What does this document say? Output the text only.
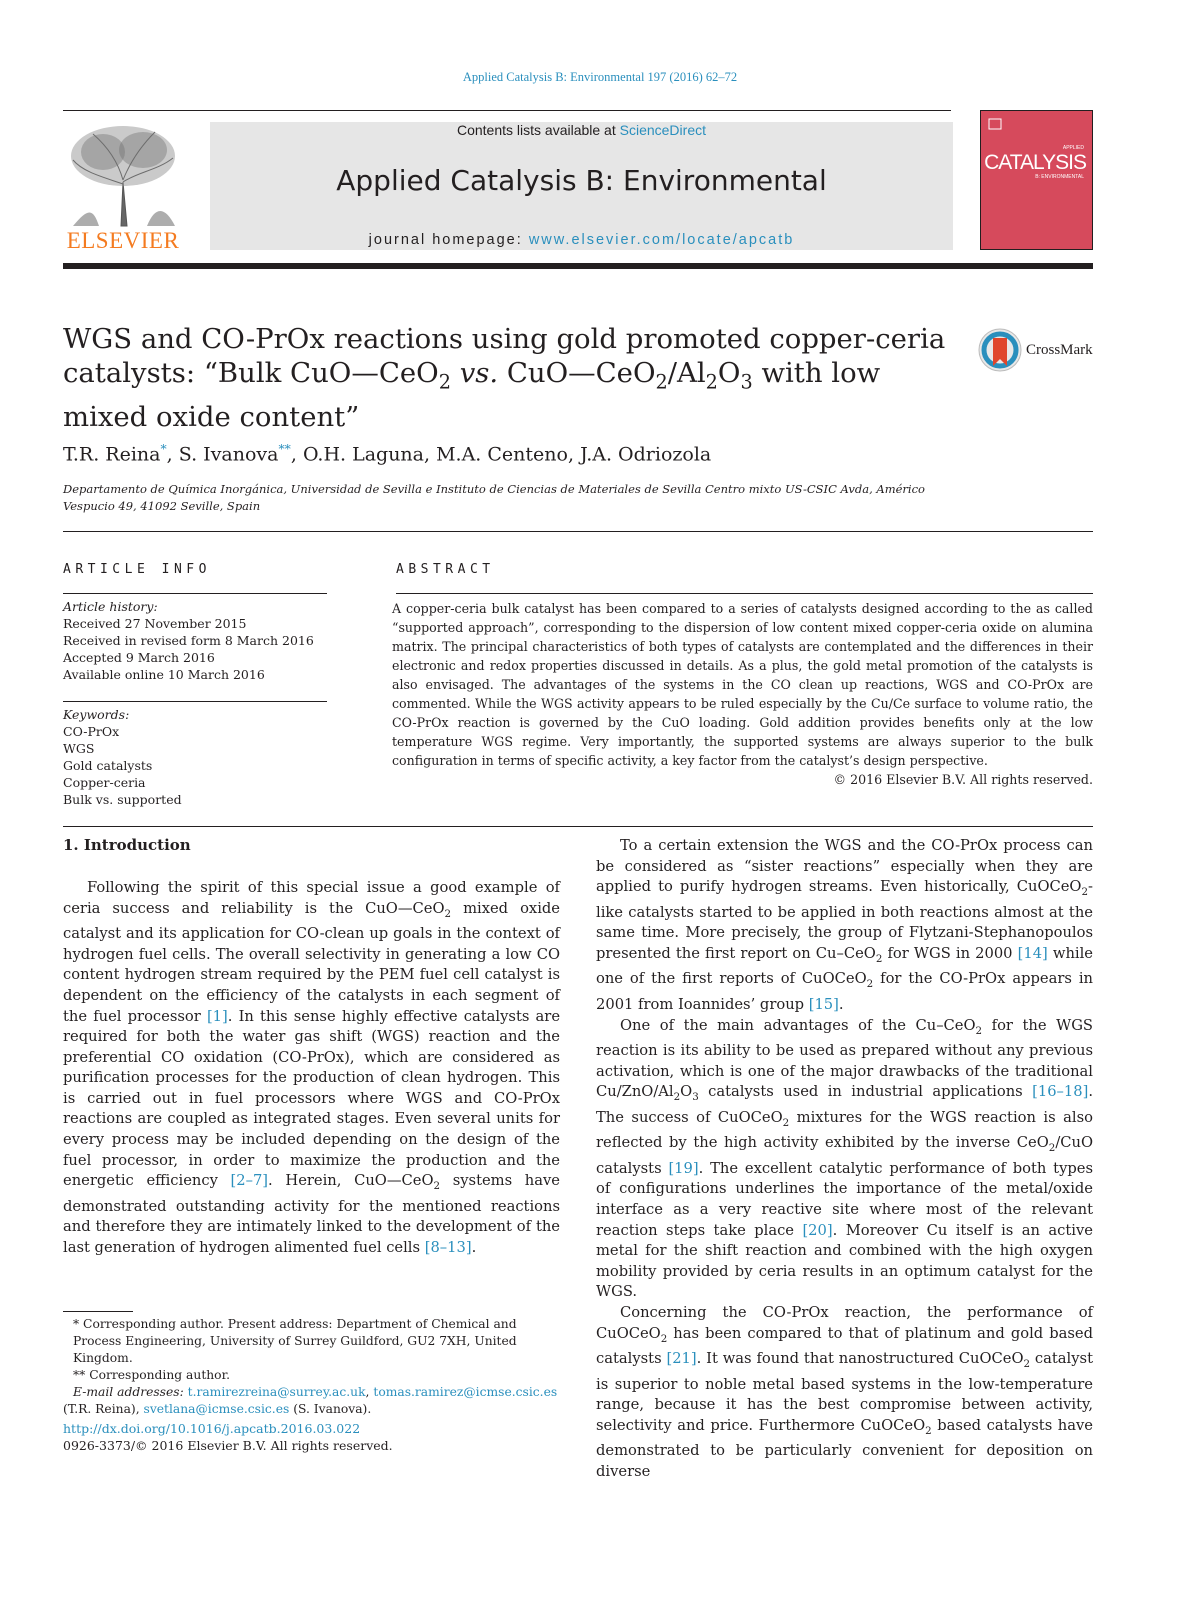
Applied Catalysis B: Environmental 197 (2016) 62–72
ELSEVIER
Contents lists available at ScienceDirect
Applied Catalysis B: Environmental
journal homepage: www.elsevier.com/locate/apcatb
APPLIED
CATALYSIS
B: ENVIRONMENTAL
WGS and CO-PrOx reactions using gold promoted copper-ceria catalysts: “Bulk CuO—CeO$_2$ vs. $CuO—CeO_2/Al_2O_3$ with low mixed oxide content”
CrossMark
T.R. Reina*, S. Ivanova**, O.H. Laguna, M.A. Centeno, J.A. Odriozola
Departamento de Química Inorgánica, Universidad de Sevilla e Instituto de Ciencias de Materiales de Sevilla Centro mixto US-CSIC Avda, Américo Vespucio 49, 41092 Seville, Spain
ARTICLE INFO
Article history:
Received 27 November 2015
Received in revised form 8 March 2016
Accepted 9 March 2016
Available online 10 March 2016
Keywords:
CO-PrOx
WGS
Gold catalysts
Copper-ceria
Bulk vs. supported
ABSTRACT
A copper-ceria bulk catalyst has been compared to a series of catalysts designed according to the as called “supported approach”, corresponding to the dispersion of low content mixed copper-ceria oxide on alumina matrix. The principal characteristics of both types of catalysts are contemplated and the differences in their electronic and redox properties discussed in details. As a plus, the gold metal promotion of the catalysts is also envisaged. The advantages of the systems in the CO clean up reactions, WGS and CO-PrOx are commented. While the WGS activity appears to be ruled especially by the Cu/Ce surface to volume ratio, the CO-PrOx reaction is governed by the CuO loading. Gold addition provides benefits only at the low temperature WGS regime. Very importantly, the supported systems are always superior to the bulk configuration in terms of specific activity, a key factor from the catalyst’s design perspective.
© 2016 Elsevier B.V. All rights reserved.
1. Introduction

Following the spirit of this special issue a good example of ceria success and reliability is the CuO—CeO$_2$ mixed oxide catalyst and its application for CO-clean up goals in the context of hydrogen fuel cells. The overall selectivity in generating a low CO content hydrogen stream required by the PEM fuel cell catalyst is dependent on the efficiency of the catalysts in each segment of the fuel processor [1]. In this sense highly effective catalysts are required for both the water gas shift (WGS) reaction and the preferential CO oxidation (CO-PrOx), which are considered as purification processes for the production of clean hydrogen. This is carried out in fuel processors where WGS and CO-PrOx reactions are coupled as integrated stages. Even several units for every process may be included depending on the design of the fuel processor, in order to maximize the production and the energetic efficiency [2–7]. Herein, CuO—CeO$_2$ systems have demonstrated outstanding activity for the mentioned reactions and therefore they are intimately linked to the development of the last generation of hydrogen alimented fuel cells [8–13].

To a certain extension the WGS and the CO-PrOx process can be considered as “sister reactions” especially when they are applied to purify hydrogen streams. Even historically, CuOCeO$_2$-like catalysts started to be applied in both reactions almost at the same time. More precisely, the group of Flytzani-Stephanopoulos presented the first report on Cu–CeO$_2$ for WGS in 2000 [14] while one of the first reports of CuOCeO$_2$ for the CO-PrOx appears in 2001 from Ioannides’ group [15].

One of the main advantages of the Cu–CeO$_2$ for the WGS reaction is its ability to be used as prepared without any previous activation, which is one of the major drawbacks of the traditional $Cu/ZnO/Al_2O_3$ catalysts used in industrial applications [16–18]. The success of CuOCeO$_2$ mixtures for the WGS reaction is also reflected by the high activity exhibited by the inverse CeO$_2$/CuO catalysts [19]. The excellent catalytic performance of both types of configurations underlines the importance of the metal/oxide interface as a very reactive site where most of the relevant reaction steps take place [20]. Moreover Cu itself is an active metal for the shift reaction and combined with the high oxygen mobility provided by ceria results in an optimum catalyst for the WGS.

Concerning the CO-PrOx reaction, the performance of CuOCeO$_2$ has been compared to that of platinum and gold based catalysts [21]. It was found that nanostructured CuOCeO$_2$ catalyst is superior to noble metal based systems in the low-temperature range, because it has the best compromise between activity, selectivity and price. Furthermore CuOCeO$_2$ based catalysts have demonstrated to be particularly convenient for deposition on diverse

* Corresponding author. Present address: Department of Chemical and Process Engineering, University of Surrey Guildford, GU2 7XH, United Kingdom.
** Corresponding author.
E-mail addresses: t.ramirezreina@surrey.ac.uk, tomas.ramirez@icmse.csic.es
(T.R. Reina), svetlana@icmse.csic.es (S. Ivanova).
http://dx.doi.org/10.1016/j.apcatb.2016.03.022
0926-3373/© 2016 Elsevier B.V. All rights reserved.
